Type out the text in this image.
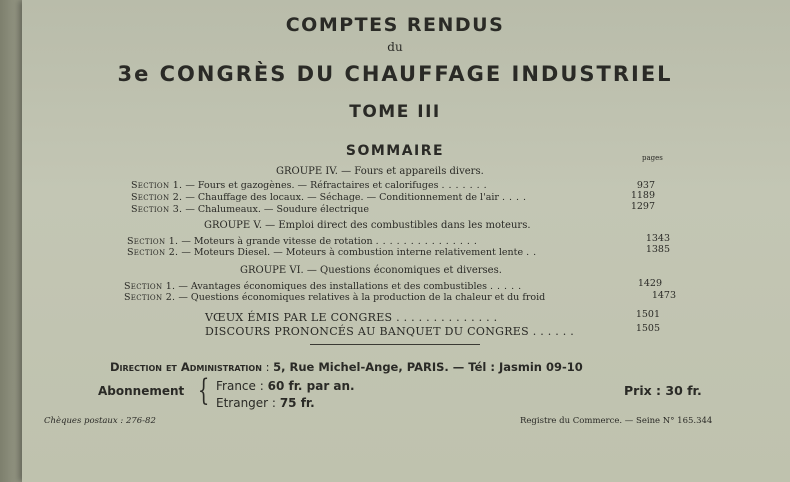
COMPTES RENDUS
du
3e CONGRÈS DU CHAUFFAGE INDUSTRIEL
TOME III
SOMMAIRE	pages
GROUPE IV. — Fours et appareils divers.
Section 1. — Fours et gazogènes. — Réfractaires et calorifuges .......	937
Section 2. — Chauffage des locaux. — Séchage. — Conditionnement de l'air ....	1189
Section 3. — Chalumeaux. — Soudure électrique	1297
GROUPE V. — Emploi direct des combustibles dans les moteurs.
Section 1. — Moteurs à grande vitesse de rotation ...............	1343
Section 2. — Moteurs Diesel. — Moteurs à combustion interne relativement lente ..	1385
GROUPE VI. — Questions économiques et diverses.
Section 1. — Avantages économiques des installations et des combustibles .....	1429
Section 2. — Questions économiques relatives à la production de la chaleur et du froid	1473
VŒUX ÉMIS PAR LE CONGRES ..............	1501
DISCOURS PRONONCÉS AU BANQUET DU CONGRES ......	1505
Direction et Administration : 5, Rue Michel-Ange, PARIS. — Tél : Jasmin 09-10
Abonnement { France : 60 fr. par an.
Etranger : 75 fr.
Prix : 30 fr.
Chèques postaux : 276-82	Registre du Commerce. — Seine N° 165.344
